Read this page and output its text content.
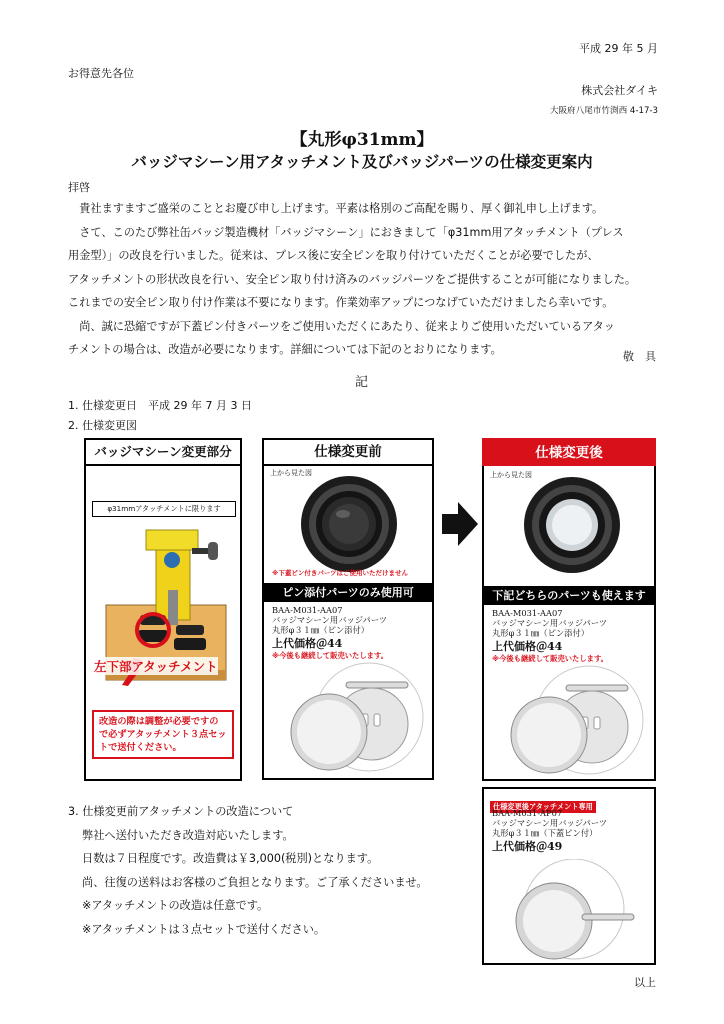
平成 29 年 5 月
お得意先各位
株式会社ダイキ
大阪府八尾市竹渕西 4-17-3
【丸形φ31mm】
バッジマシーン用アタッチメント及びバッジパーツの仕様変更案内
拝啓
　貴社ますますご盛栄のこととお慶び申し上げます。平素は格別のご高配を賜り、厚く御礼申し上げます。
　さて、このたび弊社缶バッジ製造機材「バッジマシーン」におきまして「φ31mm用アタッチメント（プレス
用金型）」の改良を行いました。従来は、プレス後に安全ピンを取り付けていただくことが必要でしたが、
アタッチメントの形状改良を行い、安全ピン取り付け済みのバッジパーツをご提供することが可能になりました。
これまでの安全ピン取り付け作業は不要になります。作業効率アップにつなげていただけましたら幸いです。
　尚、誠に恐縮ですが下蓋ピン付きパーツをご使用いただくにあたり、従来よりご使用いただいているアタッ
チメントの場合は、改造が必要になります。詳細については下記のとおりになります。
敬　具
記
1. 仕様変更日　平成 29 年 7 月 3 日
2. 仕様変更図
バッジマシーン変更部分
φ31mmアタッチメントに限ります
左下部アタッチメント
改造の際は調整が必要ですので必ずアタッチメント３点セットで送付ください。
仕様変更前
上から見た図
※下蓋ピン付きパーツはご使用いただけません
ピン添付パーツのみ使用可
BAA-M031-AA07
バッジマシーン用バッジパーツ
丸形φ３１㎜（ピン添付）
上代価格＠44
※今後も継続して販売いたします。
仕様変更後
上から見た図
下記どちらのパーツも使えます
BAA-M031-AA07
バッジマシーン用バッジパーツ
丸形φ３１㎜（ピン添付）
上代価格＠44
※今後も継続して販売いたします。
仕様変更後アタッチメント専用
BAA-M031-AP07
バッジマシーン用バッジパーツ
丸形φ３１㎜（下蓋ピン付）
上代価格＠49
3. 仕様変更前アタッチメントの改造について
弊社へ送付いただき改造対応いたします。
日数は７日程度です。改造費は￥3,000(税別)となります。
尚、往復の送料はお客様のご負担となります。ご了承くださいませ。
※アタッチメントの改造は任意です。
※アタッチメントは３点セットで送付ください。
以上
